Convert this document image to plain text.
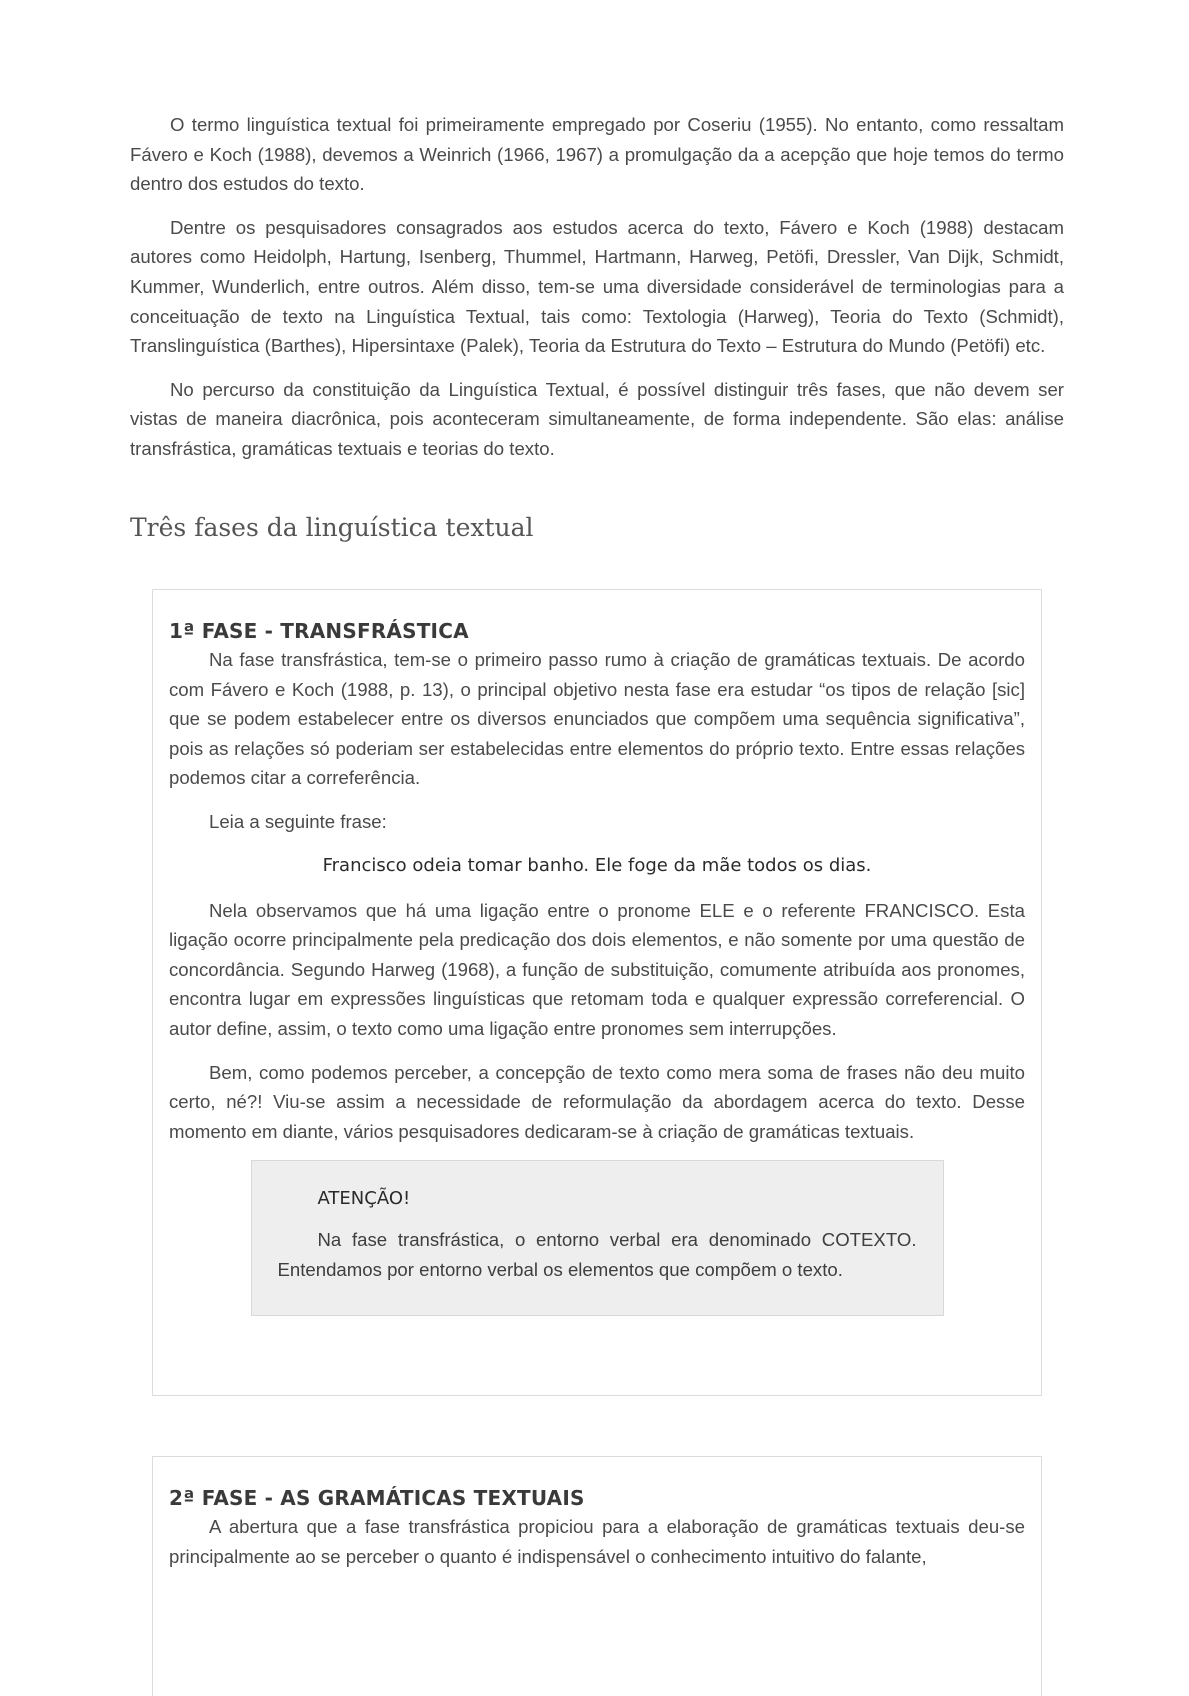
O termo linguística textual foi primeiramente empregado por Coseriu (1955). No entanto, como ressaltam Fávero e Koch (1988), devemos a Weinrich (1966, 1967) a promulgação da a acepção que hoje temos do termo dentro dos estudos do texto.

Dentre os pesquisadores consagrados aos estudos acerca do texto, Fávero e Koch (1988) destacam autores como Heidolph, Hartung, Isenberg, Thummel, Hartmann, Harweg, Petöfi, Dressler, Van Dijk, Schmidt, Kummer, Wunderlich, entre outros. Além disso, tem-se uma diversidade considerável de terminologias para a conceituação de texto na Linguística Textual, tais como: Textologia (Harweg), Teoria do Texto (Schmidt), Translinguística (Barthes), Hipersintaxe (Palek), Teoria da Estrutura do Texto – Estrutura do Mundo (Petöfi) etc.

No percurso da constituição da Linguística Textual, é possível distinguir três fases, que não devem ser vistas de maneira diacrônica, pois aconteceram simultaneamente, de forma independente. São elas: análise transfrástica, gramáticas textuais e teorias do texto.

Três fases da linguística textual
1ª FASE - TRANSFRÁSTICA

Na fase transfrástica, tem-se o primeiro passo rumo à criação de gramáticas textuais. De acordo com Fávero e Koch (1988, p. 13), o principal objetivo nesta fase era estudar “os tipos de relação [sic] que se podem estabelecer entre os diversos enunciados que compõem uma sequência significativa”, pois as relações só poderiam ser estabelecidas entre elementos do próprio texto. Entre essas relações podemos citar a correferência.

Leia a seguinte frase:

Francisco odeia tomar banho. Ele foge da mãe todos os dias.

Nela observamos que há uma ligação entre o pronome ELE e o referente FRANCISCO. Esta ligação ocorre principalmente pela predicação dos dois elementos, e não somente por uma questão de concordância. Segundo Harweg (1968), a função de substituição, comumente atribuída aos pronomes, encontra lugar em expressões linguísticas que retomam toda e qualquer expressão correferencial. O autor define, assim, o texto como uma ligação entre pronomes sem interrupções.

Bem, como podemos perceber, a concepção de texto como mera soma de frases não deu muito certo, né?! Viu-se assim a necessidade de reformulação da abordagem acerca do texto. Desse momento em diante, vários pesquisadores dedicaram-se à criação de gramáticas textuais.

ATENÇÃO!

Na fase transfrástica, o entorno verbal era denominado COTEXTO. Entendamos por entorno verbal os elementos que compõem o texto.

2ª FASE - AS GRAMÁTICAS TEXTUAIS

A abertura que a fase transfrástica propiciou para a elaboração de gramáticas textuais deu-se principalmente ao se perceber o quanto é indispensável o conhecimento intuitivo do falante,
